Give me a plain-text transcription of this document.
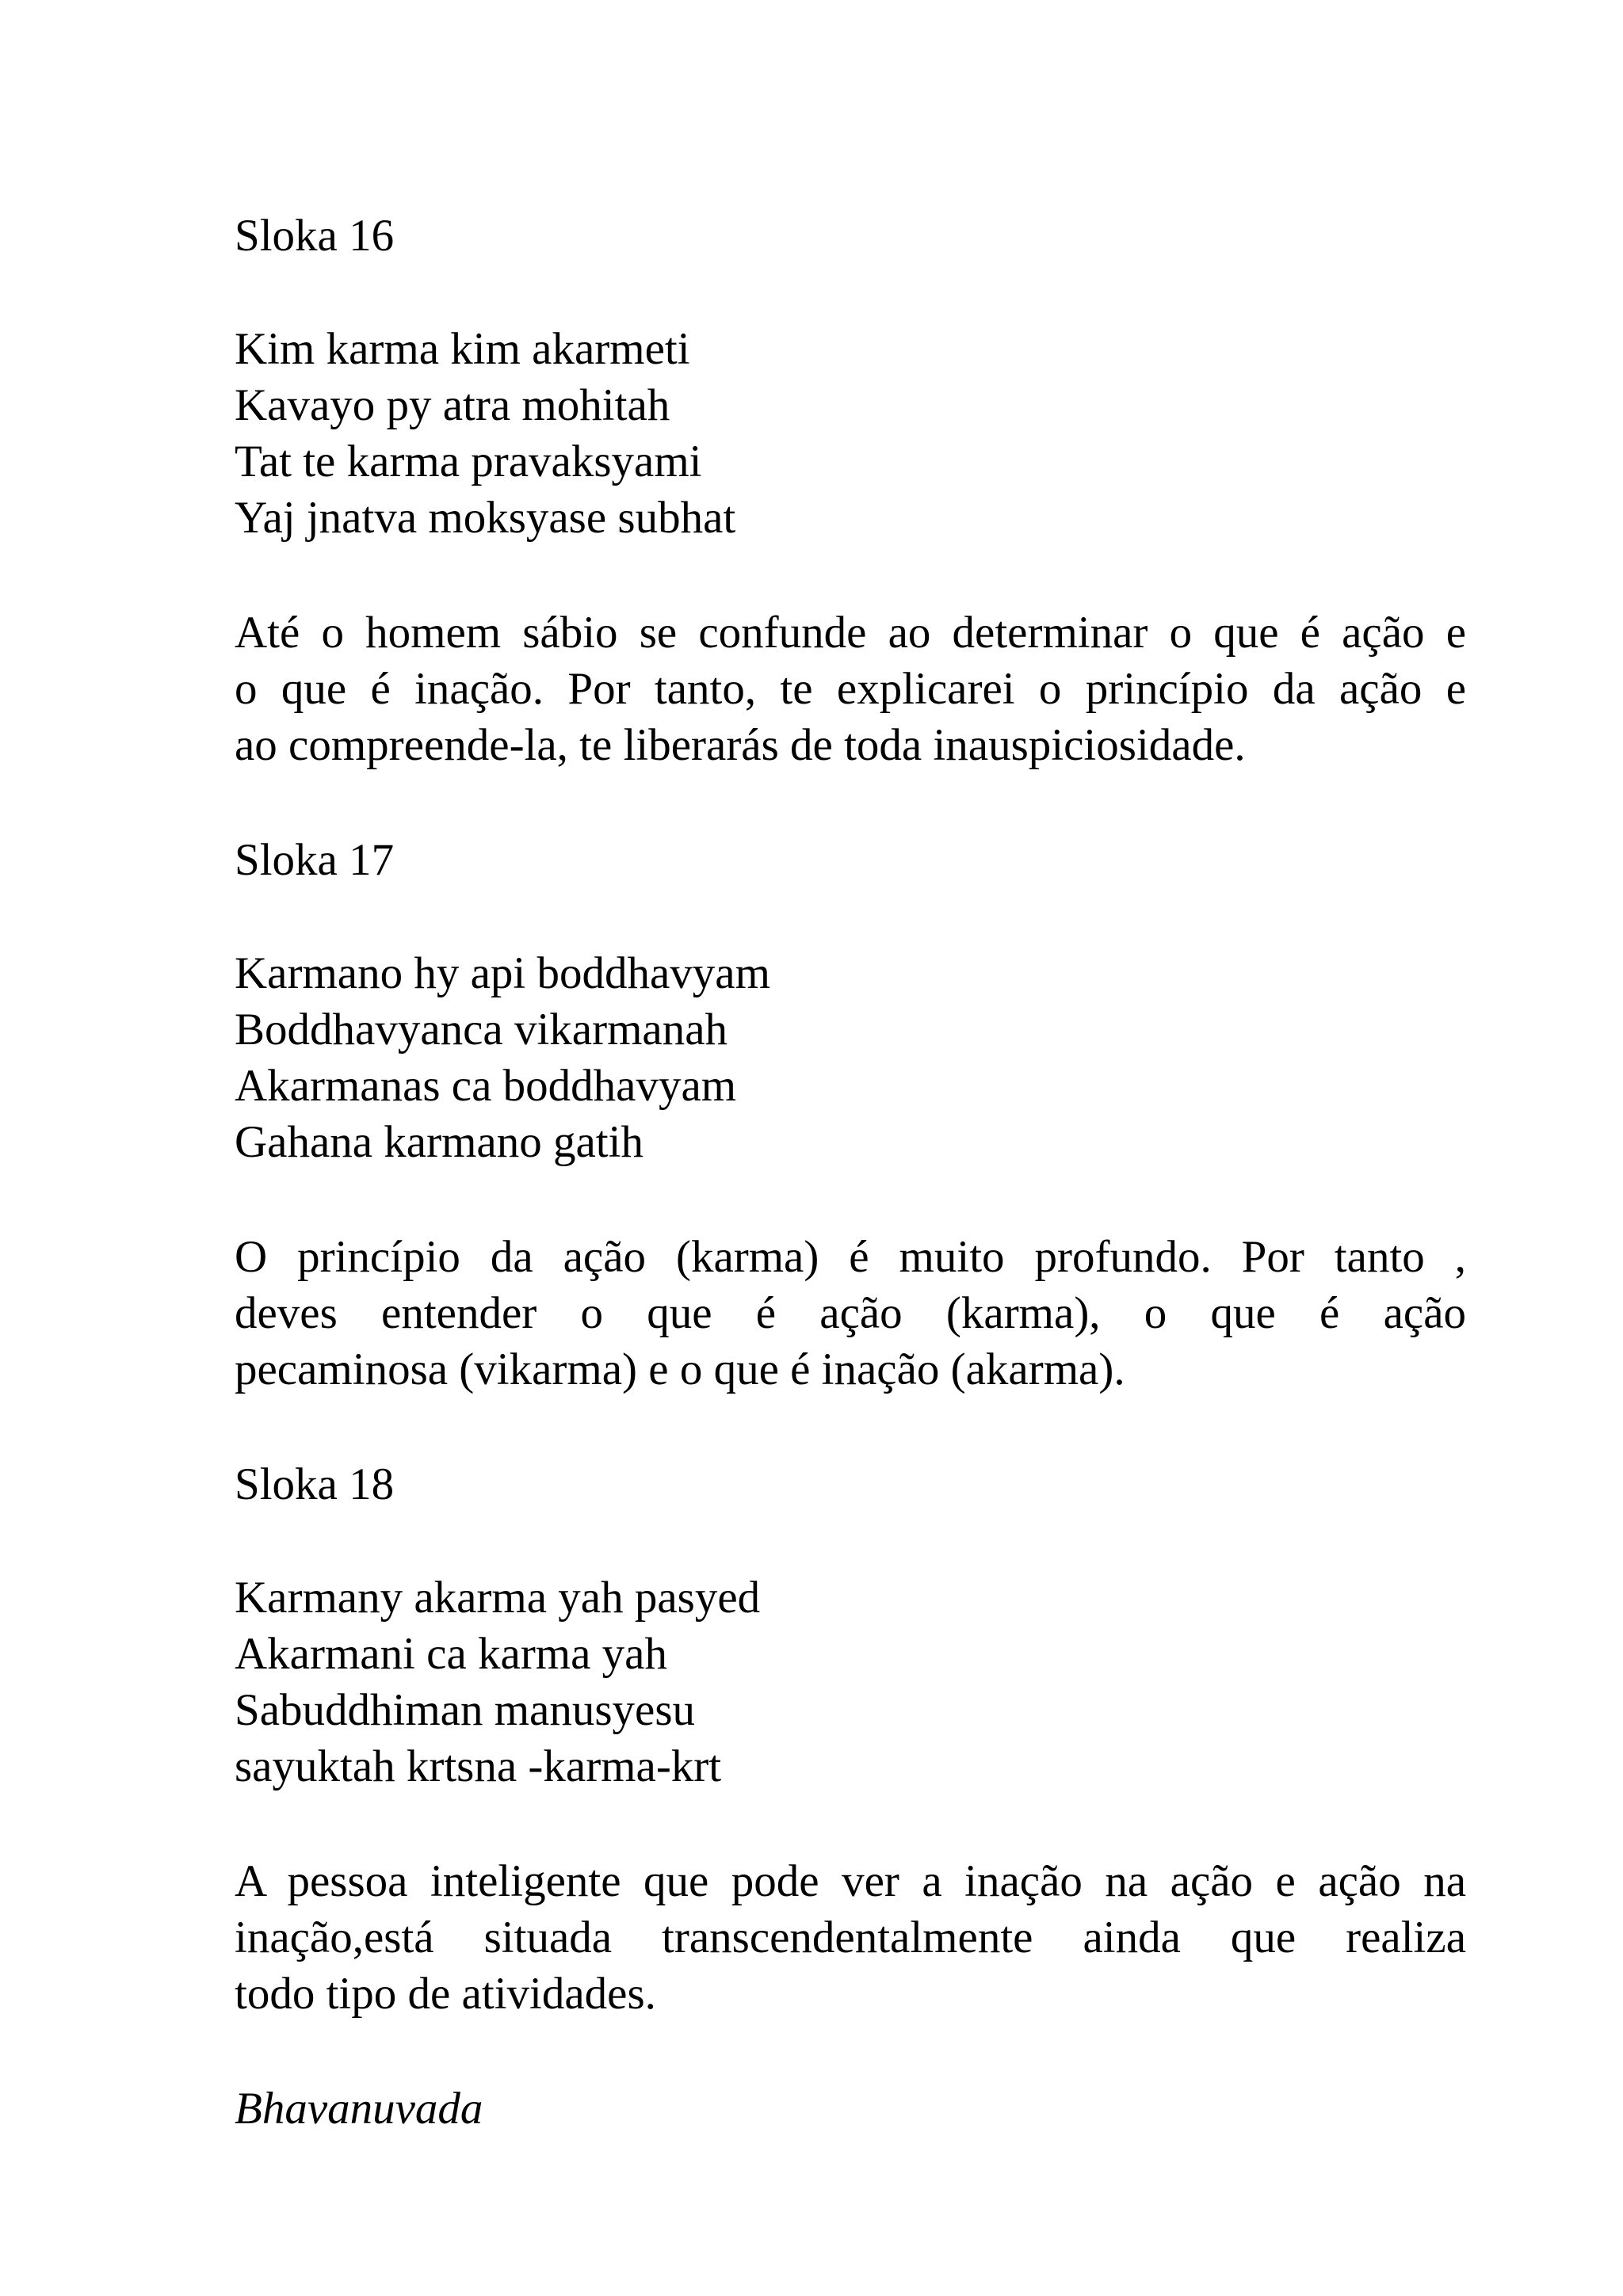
Sloka 16
Kim karma kim akarmeti
Kavayo py atra mohitah
Tat te karma pravaksyami
Yaj jnatva moksyase subhat
Até o homem sábio se confunde ao determinar o que é ação e
o que é inação. Por tanto, te explicarei o princípio da ação e
ao compreende-la, te liberarás de toda inauspiciosidade.
Sloka 17
Karmano hy api boddhavyam
Boddhavyanca vikarmanah
Akarmanas ca boddhavyam
Gahana karmano gatih
O princípio da ação (karma) é muito profundo. Por tanto ,
deves entender o que é ação (karma), o que é ação
pecaminosa (vikarma) e o que é inação (akarma).
Sloka 18
Karmany akarma yah pasyed
Akarmani ca karma yah
Sabuddhiman manusyesu
sayuktah krtsna -karma-krt
A pessoa inteligente que pode ver a inação na ação e ação na
inação,está situada transcendentalmente ainda que realiza
todo tipo de atividades.
Bhavanuvada
